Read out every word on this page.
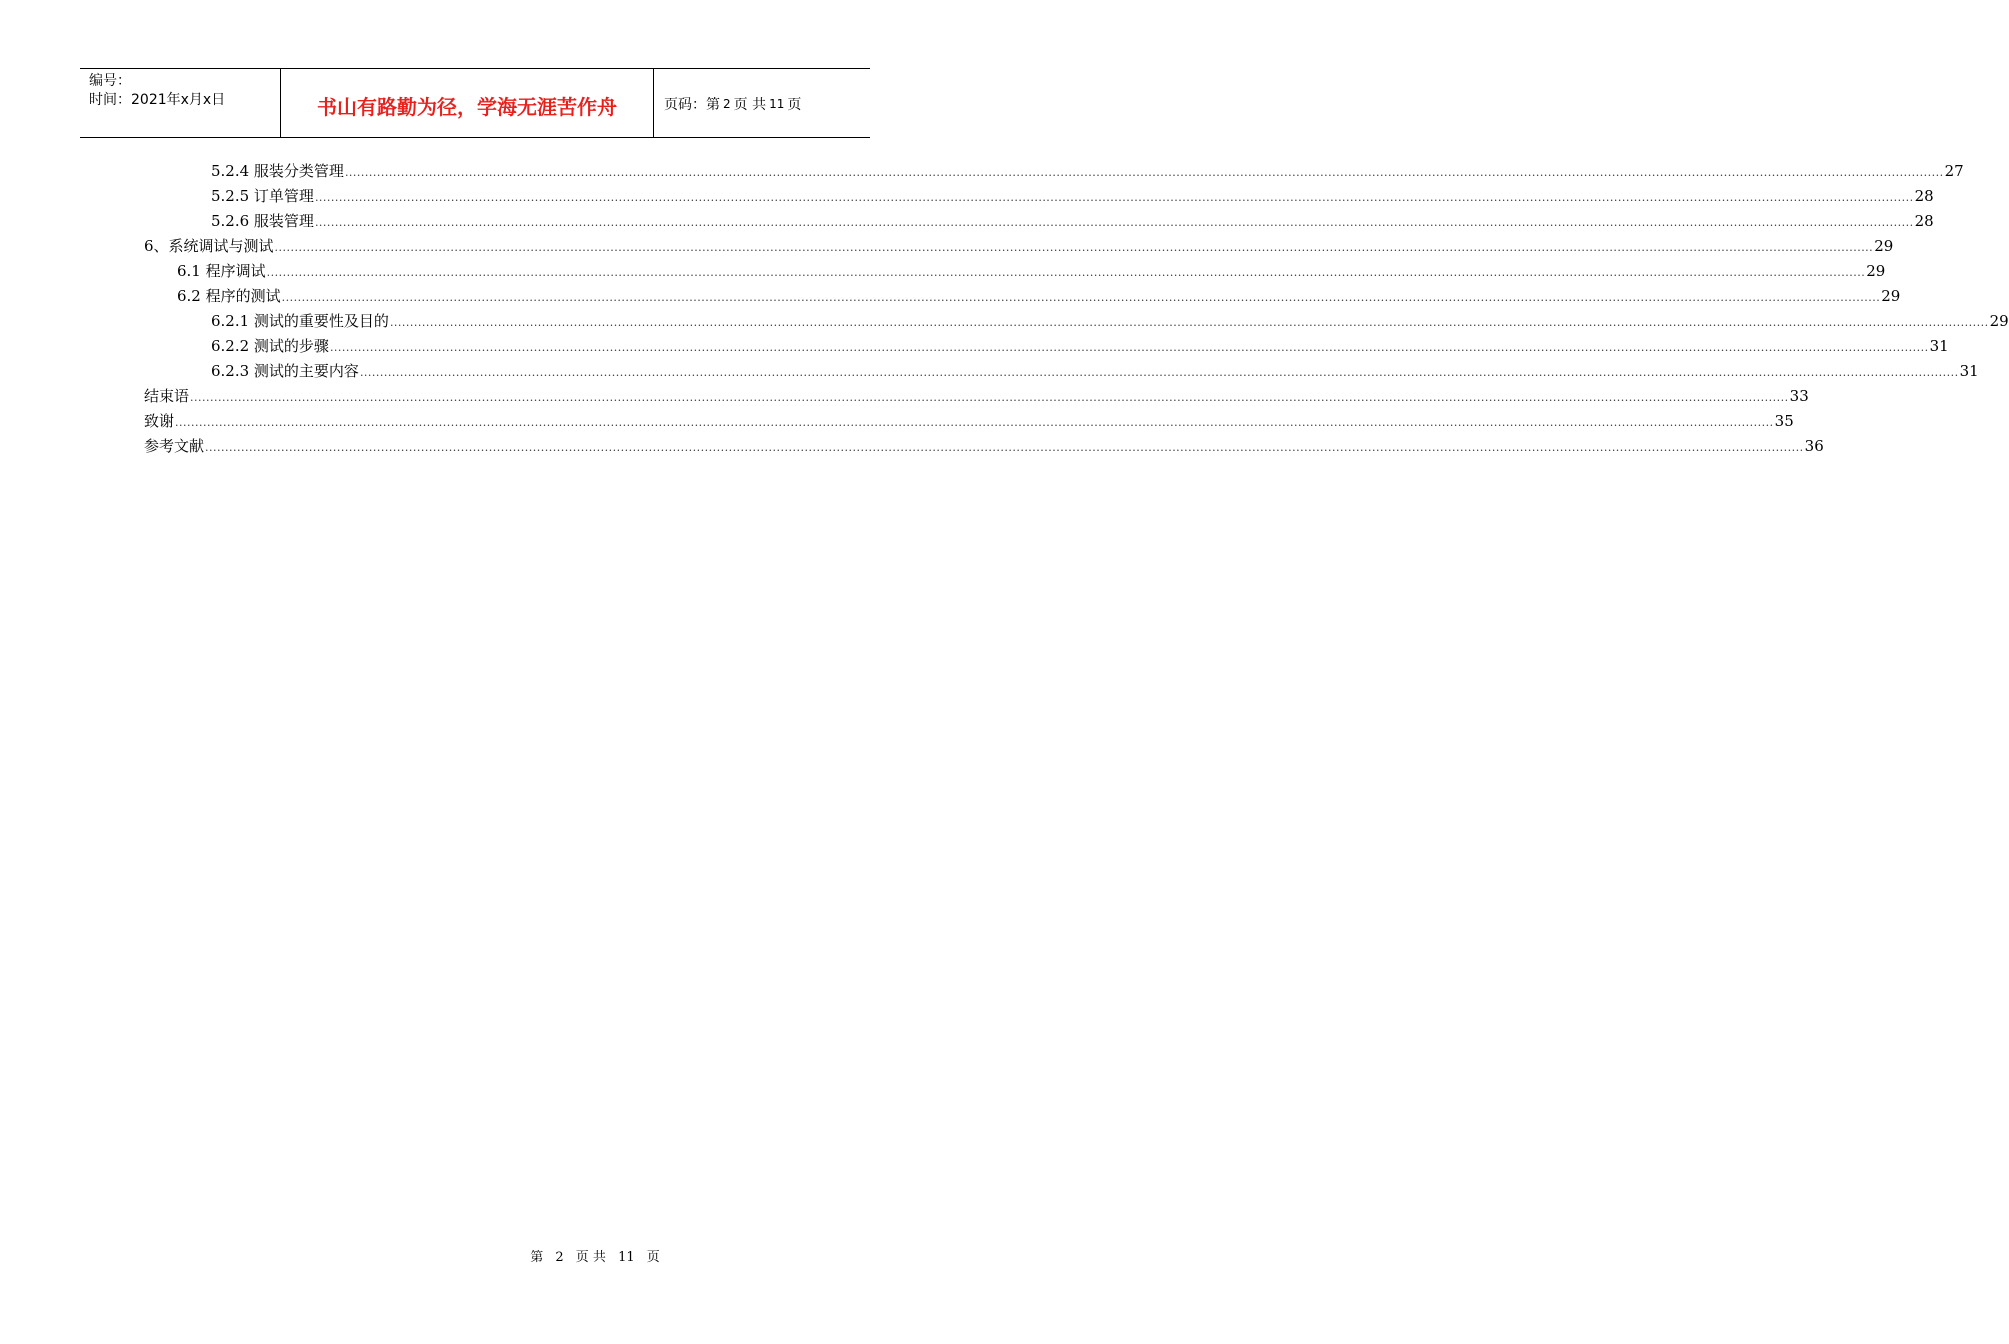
编号：
时间：2021年x月x日	书山有路勤为径，学海无涯苦作舟	页码：第 2 页 共 11 页
5.2.4 服装分类管理 ................................................................................................................................................................................................................................................................................................................................................................................................................ 27
5.2.5 订单管理 ................................................................................................................................................................................................................................................................................................................................................................................................................ 28
5.2.6 服装管理 ................................................................................................................................................................................................................................................................................................................................................................................................................ 28
6、系统调试与测试 ................................................................................................................................................................................................................................................................................................................................................................................................................ 29
6.1 程序调试 ................................................................................................................................................................................................................................................................................................................................................................................................................ 29
6.2 程序的测试 ................................................................................................................................................................................................................................................................................................................................................................................................................ 29
6.2.1 测试的重要性及目的 ................................................................................................................................................................................................................................................................................................................................................................................................................ 29
6.2.2 测试的步骤 ................................................................................................................................................................................................................................................................................................................................................................................................................ 31
6.2.3 测试的主要内容 ................................................................................................................................................................................................................................................................................................................................................................................................................ 31
结束语 ................................................................................................................................................................................................................................................................................................................................................................................................................ 33
致谢 ................................................................................................................................................................................................................................................................................................................................................................................................................ 35
参考文献 ................................................................................................................................................................................................................................................................................................................................................................................................................ 36
第 2 页 共 11 页
